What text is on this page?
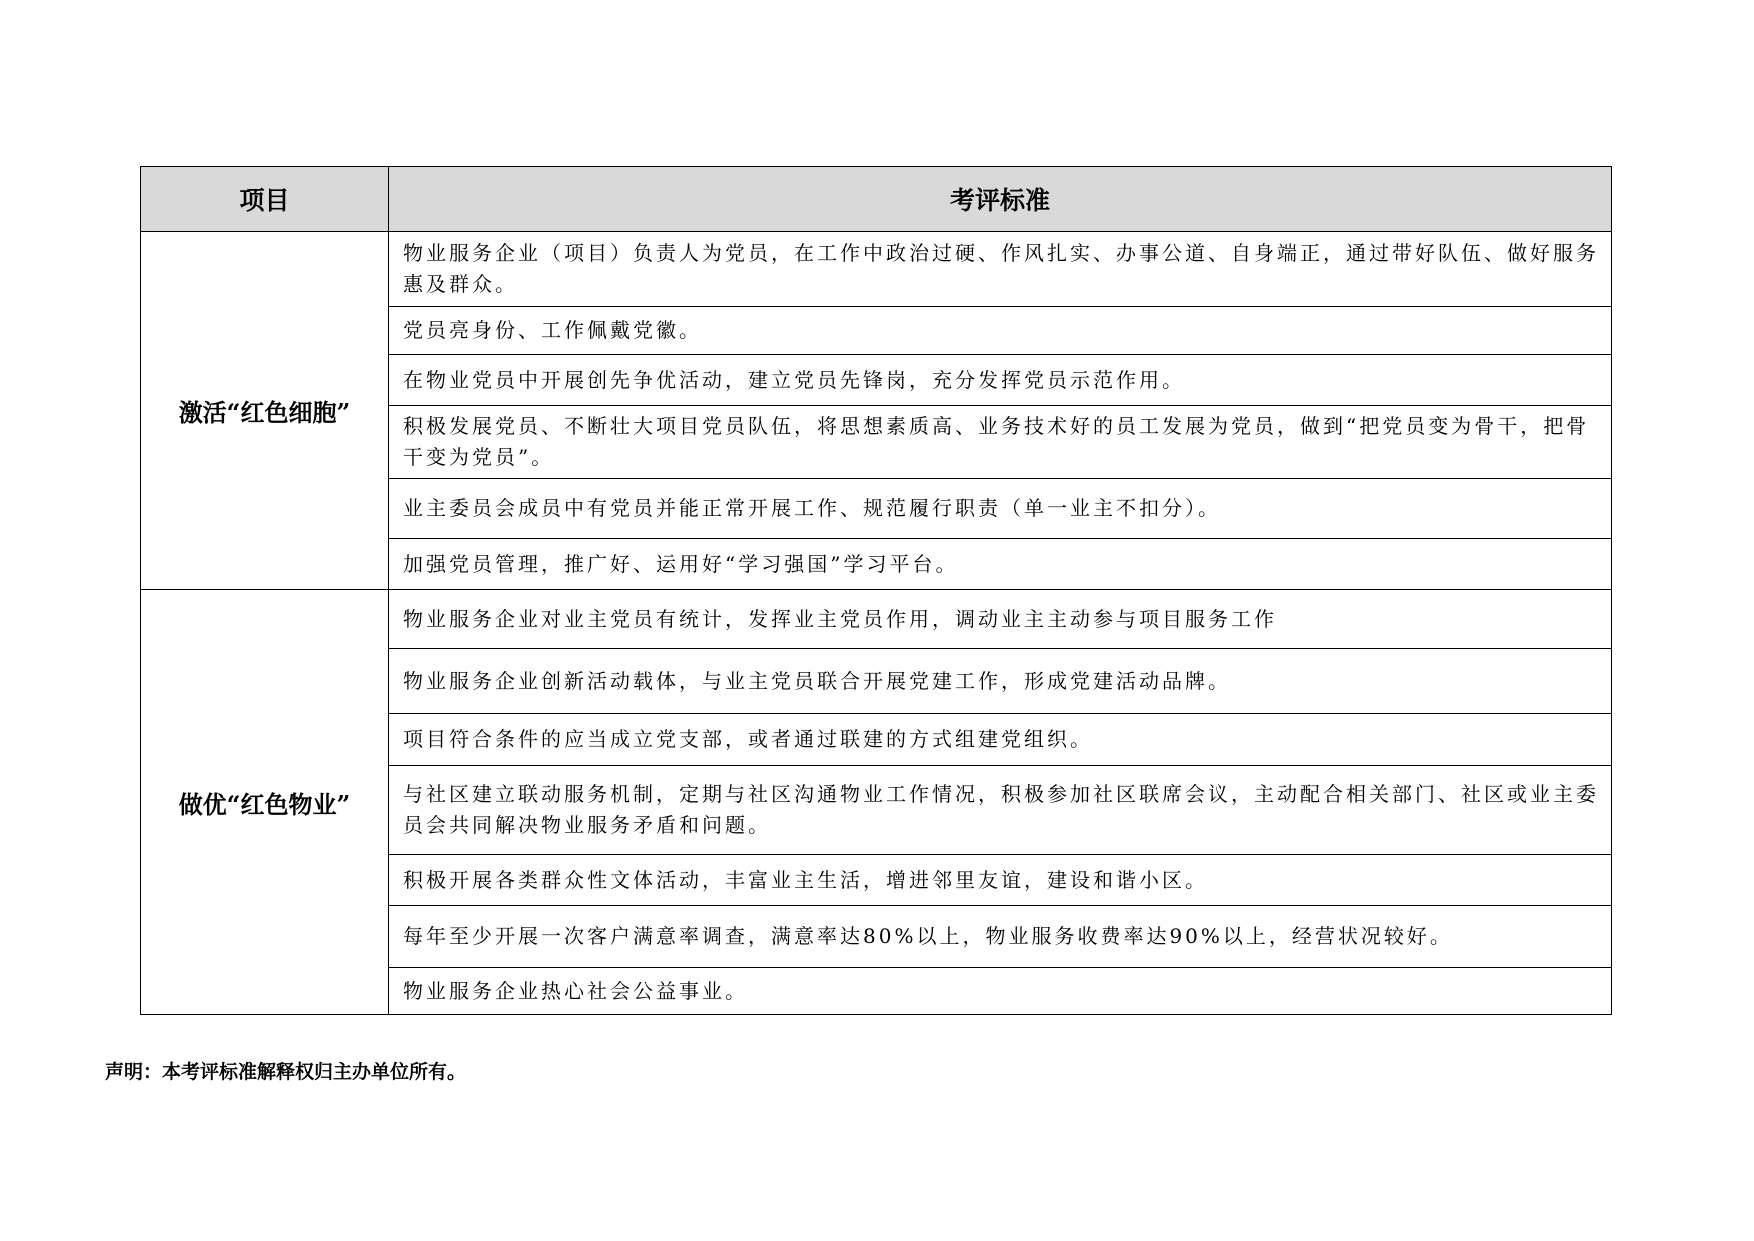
项目	考评标准
激活“红色细胞”	物业服务企业（项目）负责人为党员，在工作中政治过硬、作风扎实、办事公道、自身端正，通过带好队伍、做好服务惠及群众。
	党员亮身份、工作佩戴党徽。
	在物业党员中开展创先争优活动，建立党员先锋岗，充分发挥党员示范作用。
	积极发展党员、不断壮大项目党员队伍，将思想素质高、业务技术好的员工发展为党员，做到“把党员变为骨干，把骨干变为党员”。
	业主委员会成员中有党员并能正常开展工作、规范履行职责（单一业主不扣分）。
	加强党员管理，推广好、运用好“学习强国”学习平台。
做优“红色物业”	物业服务企业对业主党员有统计，发挥业主党员作用，调动业主主动参与项目服务工作
	物业服务企业创新活动载体，与业主党员联合开展党建工作，形成党建活动品牌。
	项目符合条件的应当成立党支部，或者通过联建的方式组建党组织。
	与社区建立联动服务机制，定期与社区沟通物业工作情况，积极参加社区联席会议，主动配合相关部门、社区或业主委员会共同解决物业服务矛盾和问题。
	积极开展各类群众性文体活动，丰富业主生活，增进邻里友谊，建设和谐小区。
	每年至少开展一次客户满意率调查，满意率达80%以上，物业服务收费率达90%以上，经营状况较好。
	物业服务企业热心社会公益事业。

声明：本考评标准解释权归主办单位所有。
